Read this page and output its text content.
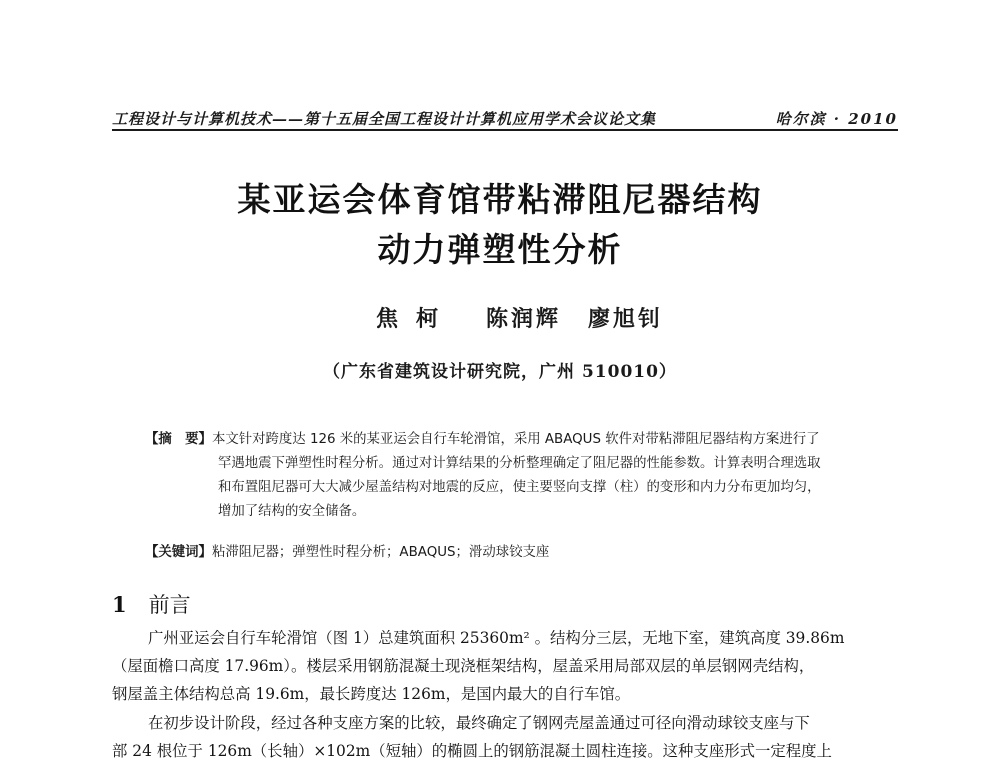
工程设计与计算机技术——第十五届全国工程设计计算机应用学术会议论文集	哈尔滨 · 2010
某亚运会体育馆带粘滞阻尼器结构
动力弹塑性分析
焦柯 陈润辉 廖旭钊
（广东省建筑设计研究院，广州 510010）
【摘　要】本文针对跨度达 126 米的某亚运会自行车轮滑馆，采用 ABAQUS 软件对带粘滞阻尼器结构方案进行了
罕遇地震下弹塑性时程分析。通过对计算结果的分析整理确定了阻尼器的性能参数。计算表明合理选取
和布置阻尼器可大大减少屋盖结构对地震的反应，使主要竖向支撑（柱）的变形和内力分布更加均匀，
增加了结构的安全储备。
【关键词】粘滞阻尼器；弹塑性时程分析；ABAQUS；滑动球铰支座
1 前言
广州亚运会自行车轮滑馆（图 1）总建筑面积 25360m² 。结构分三层，无地下室，建筑高度 39.86m
（屋面檐口高度 17.96m）。楼层采用钢筋混凝土现浇框架结构，屋盖采用局部双层的单层钢网壳结构，
钢屋盖主体结构总高 19.6m，最长跨度达 126m，是国内最大的自行车馆。
在初步设计阶段，经过各种支座方案的比较，最终确定了钢网壳屋盖通过可径向滑动球铰支座与下
部 24 根位于 126m（长轴）×102m（短轴）的椭圆上的钢筋混凝土圆柱连接。这种支座形式一定程度上
